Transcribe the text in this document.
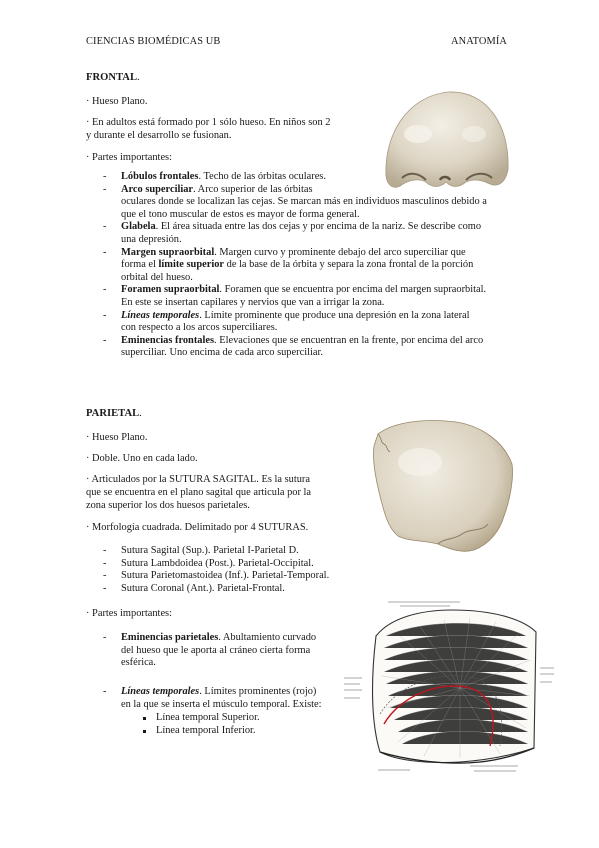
CIENCIAS BIOMÉDICAS UB	ANATOMÍA
FRONTAL.
· Hueso Plano.
· En adultos está formado por 1 sólo hueso. En niños son 2
y durante el desarrollo se fusionan.
· Partes importantes:
- Lóbulos frontales. Techo de las órbitas oculares.
- Arco superciliar. Arco superior de las órbitas
oculares donde se localizan las cejas. Se marcan más en individuos masculinos debido a
que el tono muscular de estos es mayor de forma general.
- Glabela. El área situada entre las dos cejas y por encima de la nariz. Se describe como
una depresión.
- Margen supraorbital. Margen curvo y prominente debajo del arco superciliar que
forma el límite superior de la base de la órbita y separa la zona frontal de la porción
orbital del hueso.
- Foramen supraorbital. Foramen que se encuentra por encima del margen supraorbital.
En este se insertan capilares y nervios que van a irrigar la zona.
- Líneas temporales. Límite prominente que produce una depresión en la zona lateral
con respecto a los arcos superciliares.
- Eminencias frontales. Elevaciones que se encuentran en la frente, por encima del arco
superciliar. Uno encima de cada arco superciliar.
PARIETAL.
· Hueso Plano.
· Doble. Uno en cada lado.
· Articulados por la SUTURA SAGITAL. Es la sutura
que se encuentra en el plano sagital que articula por la
zona superior los dos huesos parietales.
· Morfología cuadrada. Delimitado por 4 SUTURAS.
- Sutura Sagital (Sup.). Parietal I-Parietal D.
- Sutura Lambdoidea (Post.). Parietal-Occipital.
- Sutura Parietomastoidea (Inf.). Parietal-Temporal.
- Sutura Coronal (Ant.). Parietal-Frontal.
· Partes importantes:
- Eminencias parietales. Abultamiento curvado
del hueso que le aporta al cráneo cierta forma
esférica.
- Líneas temporales. Límites prominentes (rojo)
en la que se inserta el músculo temporal. Existe:
Línea temporal Superior.
Línea temporal Inferior.
